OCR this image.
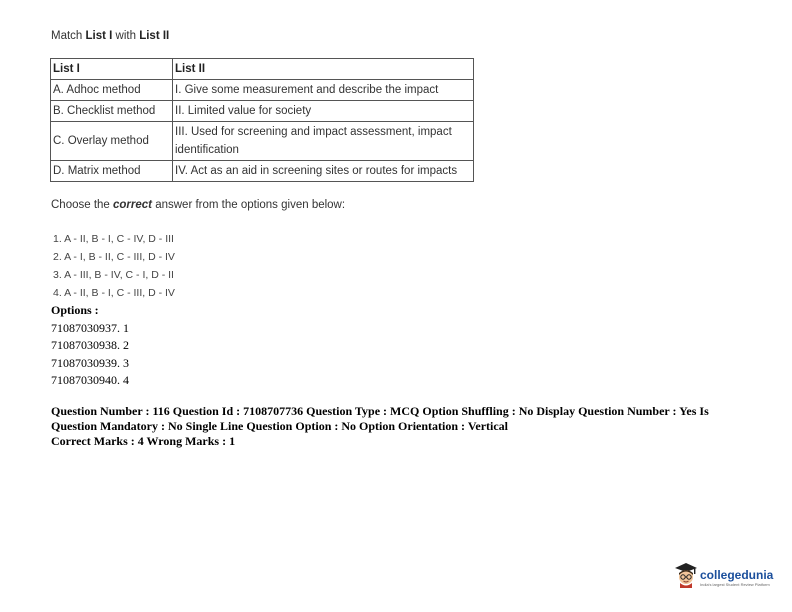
Match List I with List II
List I	List II
A. Adhoc method	I. Give some measurement and describe the impact
B. Checklist method	II. Limited value for society
C. Overlay method	III. Used for screening and impact assessment, impact identification
D. Matrix method	IV. Act as an aid in screening sites or routes for impacts
Choose the correct answer from the options given below:
1. A - II, B - I, C - IV, D - III
2. A - I, B - II, C - III, D - IV
3. A - III, B - IV, C - I, D - II
4. A - II, B - I, C - III, D - IV
Options :
71087030937. 1
71087030938. 2
71087030939. 3
71087030940. 4
Question Number : 116 Question Id : 7108707736 Question Type : MCQ Option Shuffling : No Display Question Number : Yes Is Question Mandatory : No Single Line Question Option : No Option Orientation : Vertical
Correct Marks : 4 Wrong Marks : 1
collegedunia
India's largest Student Review Platform
